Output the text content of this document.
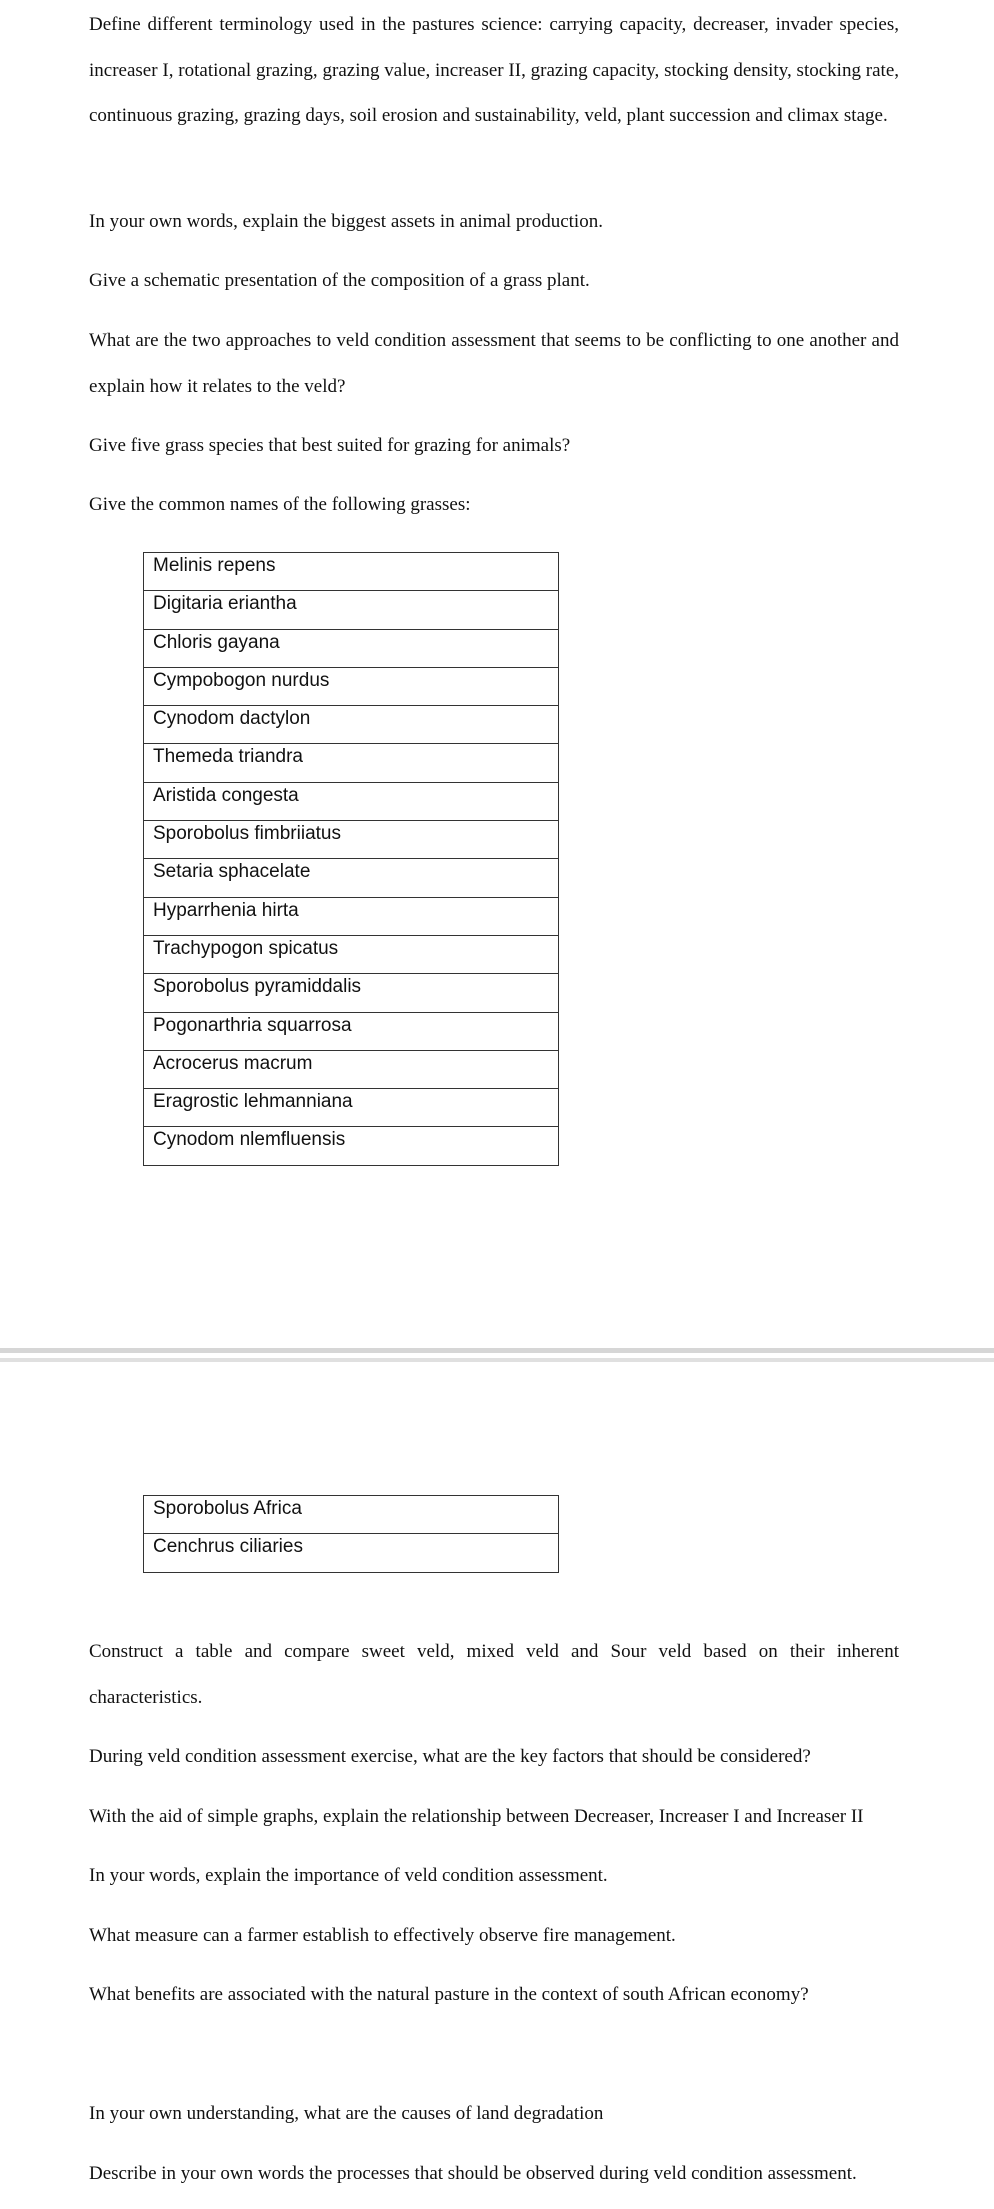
Define different terminology used in the pastures science: carrying capacity, decreaser, invader species, increaser I, rotational grazing, grazing value, increaser II, grazing capacity, stocking density, stocking rate, continuous grazing, grazing days, soil erosion and sustainability, veld, plant succession and climax stage.

In your own words, explain the biggest assets in animal production.

Give a schematic presentation of the composition of a grass plant.

What are the two approaches to veld condition assessment that seems to be conflicting to one another and explain how it relates to the veld?

Give five grass species that best suited for grazing for animals?

Give the common names of the following grasses:

Melinis repens
Digitaria eriantha
Chloris gayana
Cympobogon nurdus
Cynodom dactylon
Themeda triandra
Aristida congesta
Sporobolus fimbriiatus
Setaria sphacelate
Hyparrhenia hirta
Trachypogon spicatus
Sporobolus pyramiddalis
Pogonarthria squarrosa
Acrocerus macrum
Eragrostic lehmanniana
Cynodom nlemfluensis
Sporobolus Africa
Cenchrus ciliaries

Construct a table and compare sweet veld, mixed veld and Sour veld based on their inherent characteristics.

During veld condition assessment exercise, what are the key factors that should be considered?

With the aid of simple graphs, explain the relationship between Decreaser, Increaser I and Increaser II

In your words, explain the importance of veld condition assessment.

What measure can a farmer establish to effectively observe fire management.

What benefits are associated with the natural pasture in the context of south African economy?

In your own understanding, what are the causes of land degradation

Describe in your own words the processes that should be observed during veld condition assessment.
